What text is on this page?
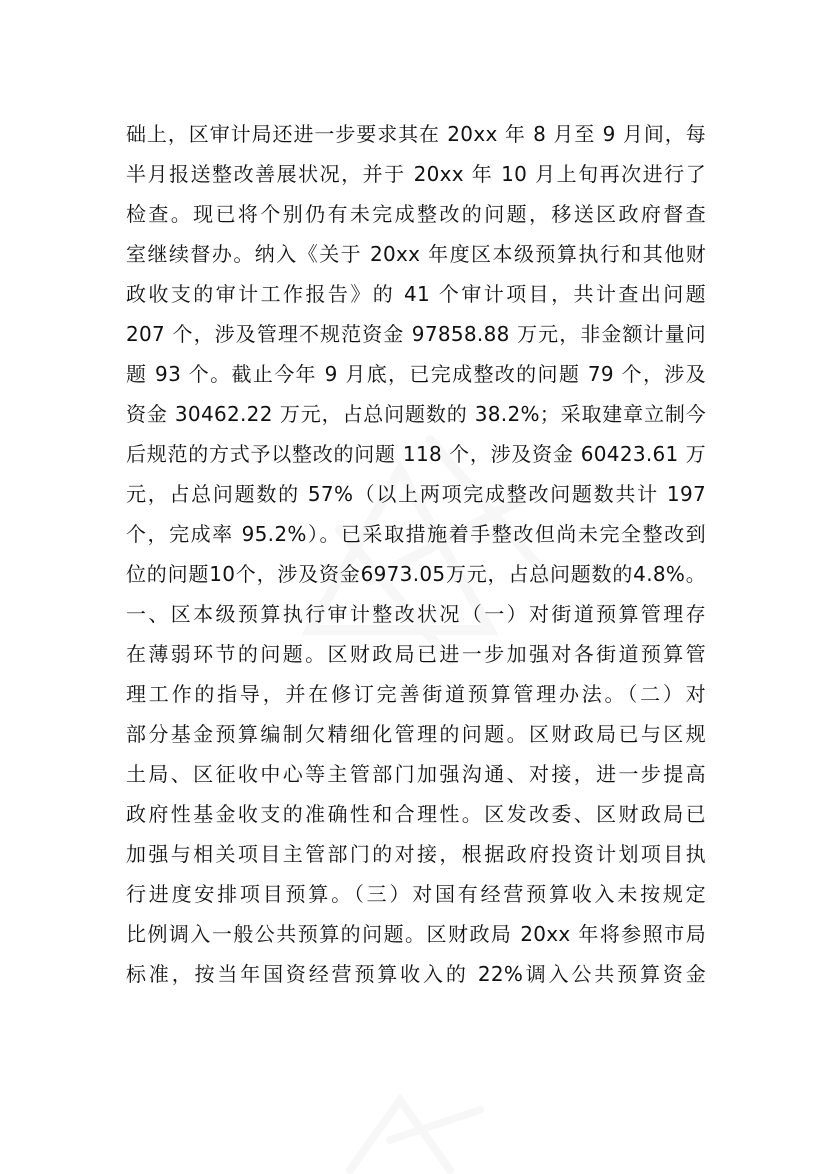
础上，区审计局还进一步要求其在 20xx 年 8 月至 9 月间，每
半月报送整改善展状况，并于 20xx 年 10 月上旬再次进行了
检查。现已将个别仍有未完成整改的问题，移送区政府督查
室继续督办。纳入《关于 20xx 年度区本级预算执行和其他财
政收支的审计工作报告》的 41 个审计项目，共计查出问题
207 个，涉及管理不规范资金 97858.88 万元，非金额计量问
题 93 个。截止今年 9 月底，已完成整改的问题 79 个，涉及
资金 30462.22 万元，占总问题数的 38.2%；采取建章立制今
后规范的方式予以整改的问题 118 个，涉及资金 60423.61 万
元，占总问题数的 57%（以上两项完成整改问题数共计 197
个，完成率 95.2%）。已采取措施着手整改但尚未完全整改到
位的问题10个，涉及资金6973.05万元，占总问题数的4.8%。
一、区本级预算执行审计整改状况（一）对街道预算管理存
在薄弱环节的问题。区财政局已进一步加强对各街道预算管
理工作的指导，并在修订完善街道预算管理办法。（二）对
部分基金预算编制欠精细化管理的问题。区财政局已与区规
土局、区征收中心等主管部门加强沟通、对接，进一步提高
政府性基金收支的准确性和合理性。区发改委、区财政局已
加强与相关项目主管部门的对接，根据政府投资计划项目执
行进度安排项目预算。（三）对国有经营预算收入未按规定
比例调入一般公共预算的问题。区财政局 20xx 年将参照市局
标准，按当年国资经营预算收入的 22%调入公共预算资金
